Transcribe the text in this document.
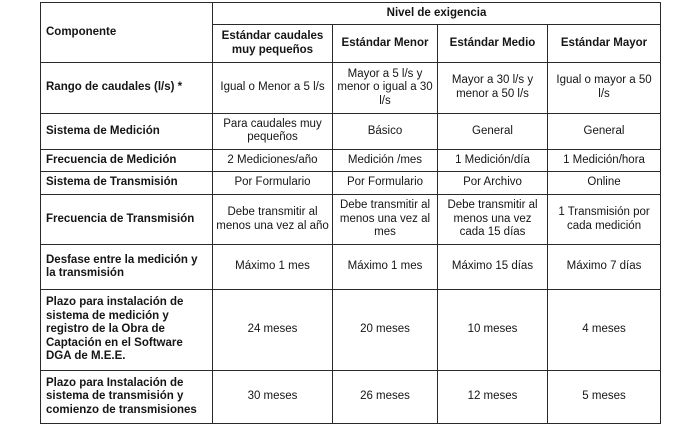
Componente	Nivel de exigencia			
	Estándar caudales muy pequeños	Estándar Menor	Estándar Medio	Estándar Mayor
Rango de caudales (l/s) *	Igual o Menor a 5 l/s	Mayor a 5 l/s y menor o igual a 30 l/s	Mayor a 30 l/s y menor a 50 l/s	Igual o mayor a 50 l/s
Sistema de Medición	Para caudales muy pequeños	Básico	General	General
Frecuencia de Medición	2 Mediciones/año	Medición /mes	1 Medición/día	1 Medición/hora
Sistema de Transmisión	Por Formulario	Por Formulario	Por Archivo	Online
Frecuencia de Transmisión	Debe transmitir al menos una vez al año	Debe transmitir al menos una vez al mes	Debe transmitir al menos una vez cada 15 días	1 Transmisión por cada medición
Desfase entre la medición y la transmisión	Máximo 1 mes	Máximo 1 mes	Máximo 15 días	Máximo 7 días
Plazo para instalación de sistema de medición y registro de la Obra de Captación en el Software DGA de M.E.E.	24 meses	20 meses	10 meses	4 meses
Plazo para Instalación de sistema de transmisión y comienzo de transmisiones	30 meses	26 meses	12 meses	5 meses
